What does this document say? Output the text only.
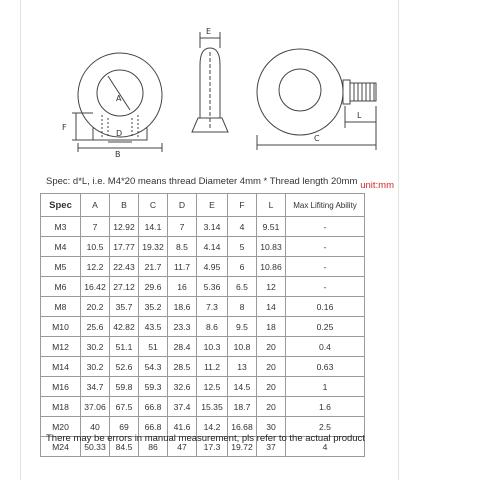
A
F
D
B
E
L
C
Spec: d*L, i.e. M4*20 means thread Diameter 4mm * Thread length 20mm unit:mm
Spec	A	B	C	D	E	F	L	Max Lifiting Ability
M3	7	12.92	14.1	7	3.14	4	9.51	-
M4	10.5	17.77	19.32	8.5	4.14	5	10.83	-
M5	12.2	22.43	21.7	11.7	4.95	6	10.86	-
M6	16.42	27.12	29.6	16	5.36	6.5	12	-
M8	20.2	35.7	35.2	18.6	7.3	8	14	0.16
M10	25.6	42.82	43.5	23.3	8.6	9.5	18	0.25
M12	30.2	51.1	51	28.4	10.3	10.8	20	0.4
M14	30.2	52.6	54.3	28.5	11.2	13	20	0.63
M16	34.7	59.8	59.3	32.6	12.5	14.5	20	1
M18	37.06	67.5	66.8	37.4	15.35	18.7	20	1.6
M20	40	69	66.8	41.6	14.2	16.68	30	2.5
M24	50.33	84.5	86	47	17.3	19.72	37	4
There may be errors in manual measurement, pls refer to the actual product
